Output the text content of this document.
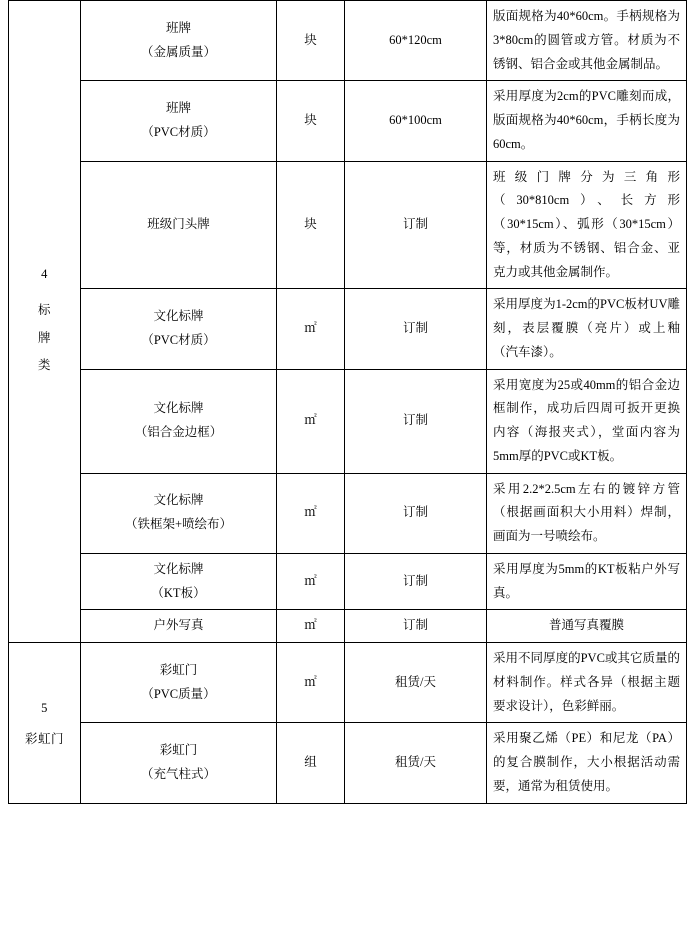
4
标
牌
类	班牌
（金属质量）	块	60*120cm	版面规格为40*60cm。手柄规格为3*80cm的圆管或方管。材质为不锈钢、铝合金或其他金属制品。

	班牌
（PVC材质）	块	60*100cm	采用厚度为2cm的PVC雕刻而成，版面规格为40*60cm，手柄长度为60cm。

	班级门头牌	块	订制	班级门牌分为三角形（30*810cm）、长方形（30*15cm）、弧形（30*15cm）等，材质为不锈钢、铝合金、亚克力或其他金属制作。

	文化标牌
（PVC材质）	㎡	订制	采用厚度为1-2cm的PVC板材UV雕刻，表层覆膜（亮片）或上釉（汽车漆）。

	文化标牌
（铝合金边框）	㎡	订制	采用宽度为25或40mm的铝合金边框制作，成功后四周可扳开更换内容（海报夹式），堂面内容为5mm厚的PVC或KT板。

	文化标牌
（铁框架+喷绘布）	㎡	订制	采用2.2*2.5cm左右的镀锌方管（根据画面积大小用料）焊制，画面为一号喷绘布。

	文化标牌
（KT板）	㎡	订制	采用厚度为5mm的KT板粘户外写真。

	户外写真	㎡	订制	普通写真覆膜

5
彩虹门	彩虹门
（PVC质量）	㎡	租赁/天	采用不同厚度的PVC或其它质量的材料制作。样式各异（根据主题要求设计），色彩鲜丽。

	彩虹门
（充气柱式）	组	租赁/天	采用聚乙烯（PE）和尼龙（PA）的复合膜制作，大小根据活动需要，通常为租赁使用。
